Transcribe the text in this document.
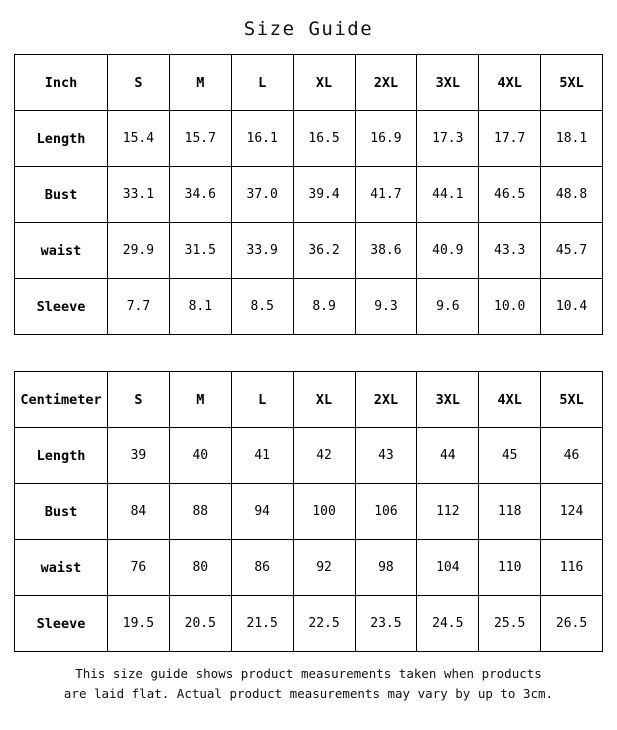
Size Guide
Inch	S	M	L	XL	2XL	3XL	4XL	5XL
Length	15.4	15.7	16.1	16.5	16.9	17.3	17.7	18.1
Bust	33.1	34.6	37.0	39.4	41.7	44.1	46.5	48.8
waist	29.9	31.5	33.9	36.2	38.6	40.9	43.3	45.7
Sleeve	7.7	8.1	8.5	8.9	9.3	9.6	10.0	10.4
Centimeter	S	M	L	XL	2XL	3XL	4XL	5XL
Length	39	40	41	42	43	44	45	46
Bust	84	88	94	100	106	112	118	124
waist	76	80	86	92	98	104	110	116
Sleeve	19.5	20.5	21.5	22.5	23.5	24.5	25.5	26.5
This size guide shows product measurements taken when products
are laid flat. Actual product measurements may vary by up to 3cm.
